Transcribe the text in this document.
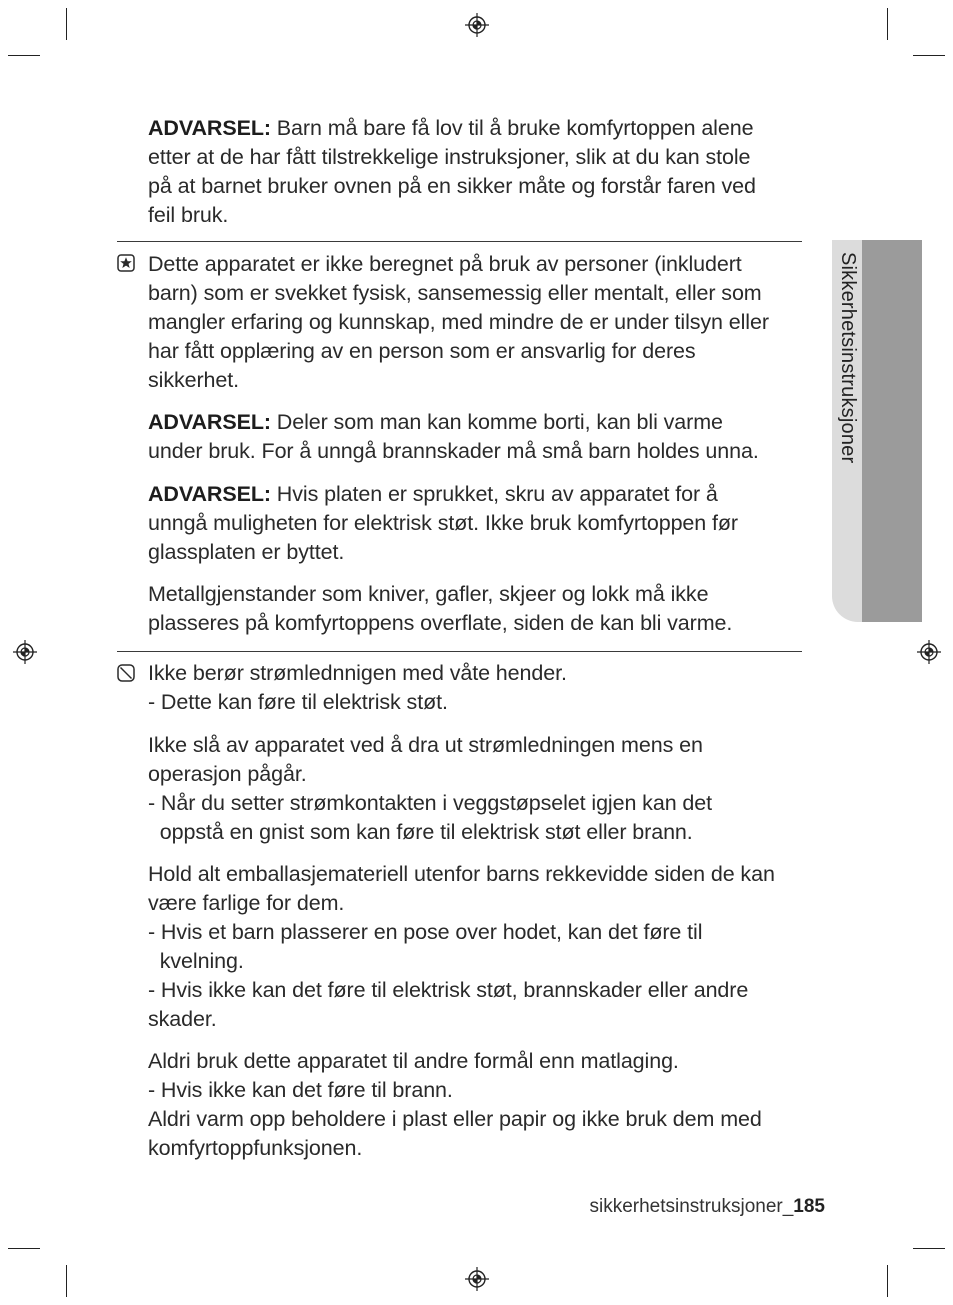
Sikkerhetsinstruksjoner
ADVARSEL: Barn må bare få lov til å bruke komfyrtoppen alene
etter at de har fått tilstrekkelige instruksjoner, slik at du kan stole
på at barnet bruker ovnen på en sikker måte og forstår faren ved
feil bruk.
Dette apparatet er ikke beregnet på bruk av personer (inkludert
barn) som er svekket fysisk, sansemessig eller mentalt, eller som
mangler erfaring og kunnskap, med mindre de er under tilsyn eller
har fått opplæring av en person som er ansvarlig for deres
sikkerhet.
ADVARSEL: Deler som man kan komme borti, kan bli varme
under bruk. For å unngå brannskader må små barn holdes unna.
ADVARSEL: Hvis platen er sprukket, skru av apparatet for å
unngå muligheten for elektrisk støt. Ikke bruk komfyrtoppen før
glassplaten er byttet.
Metallgjenstander som kniver, gafler, skjeer og lokk må ikke
plasseres på komfyrtoppens overflate, siden de kan bli varme.
Ikke berør strømlednnigen med våte hender.
- Dette kan føre til elektrisk støt.
Ikke slå av apparatet ved å dra ut strømledningen mens en
operasjon pågår.
- Når du setter strømkontakten i veggstøpselet igjen kan det
oppstå en gnist som kan føre til elektrisk støt eller brann.
Hold alt emballasjemateriell utenfor barns rekkevidde siden de kan
være farlige for dem.
- Hvis et barn plasserer en pose over hodet, kan det føre til
kvelning.
- Hvis ikke kan det føre til elektrisk støt, brannskader eller andre
skader.
Aldri bruk dette apparatet til andre formål enn matlaging.
- Hvis ikke kan det føre til brann.
Aldri varm opp beholdere i plast eller papir og ikke bruk dem med
komfyrtoppfunksjonen.
sikkerhetsinstruksjoner_185
